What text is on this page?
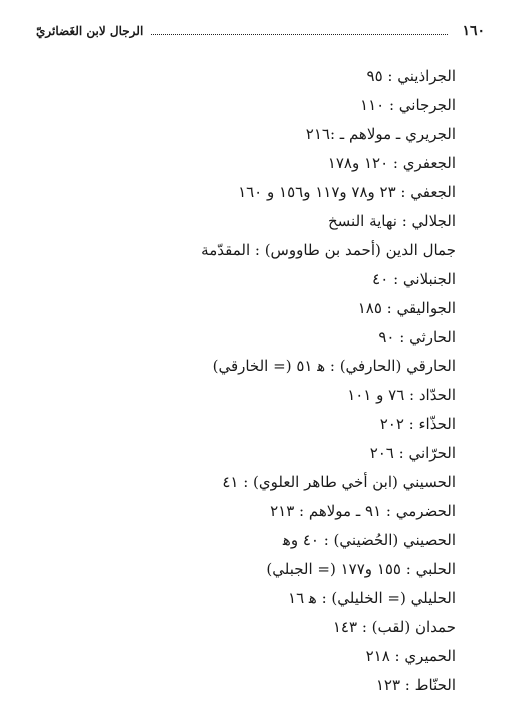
١٦٠
الرجال لابن الغَضائريّ
الجراذيني : ٩٥
الجرجاني : ١١٠
الجريري ـ مولاهم ـ :٢١٦
الجعفري : ١٢٠ و١٧٨
الجعفي : ٢٣ و٧٨ و١١٧ و١٥٦ و ١٦٠
الجلالي : نهاية النسخ
جمال الدين (أحمد بن طاووس) : المقدّمة
الجنبلاني : ٤٠
الجواليقي : ١٨٥
الحارثي : ٩٠
الحارقي (الحارفي) : ﻫ ٥١ (= الخارقي)
الحدّاد : ٧٦ و ١٠١
الحذّاء : ٢٠٢
الحرّاني : ٢٠٦
الحسيني (ابن أخي طاهر العلوي) : ٤١
الحضرمي : ٩١ ـ مولاهم : ٢١٣
الحصيني (الحُضيني) : ٤٠ وﻫ
الحلبي : ١٥٥ و١٧٧ (= الجبلي)
الحليلي (= الخليلي) : ﻫ ١٦
حمدان (لقب) : ١٤٣
الحميري : ٢١٨
الحنّاط : ١٢٣
